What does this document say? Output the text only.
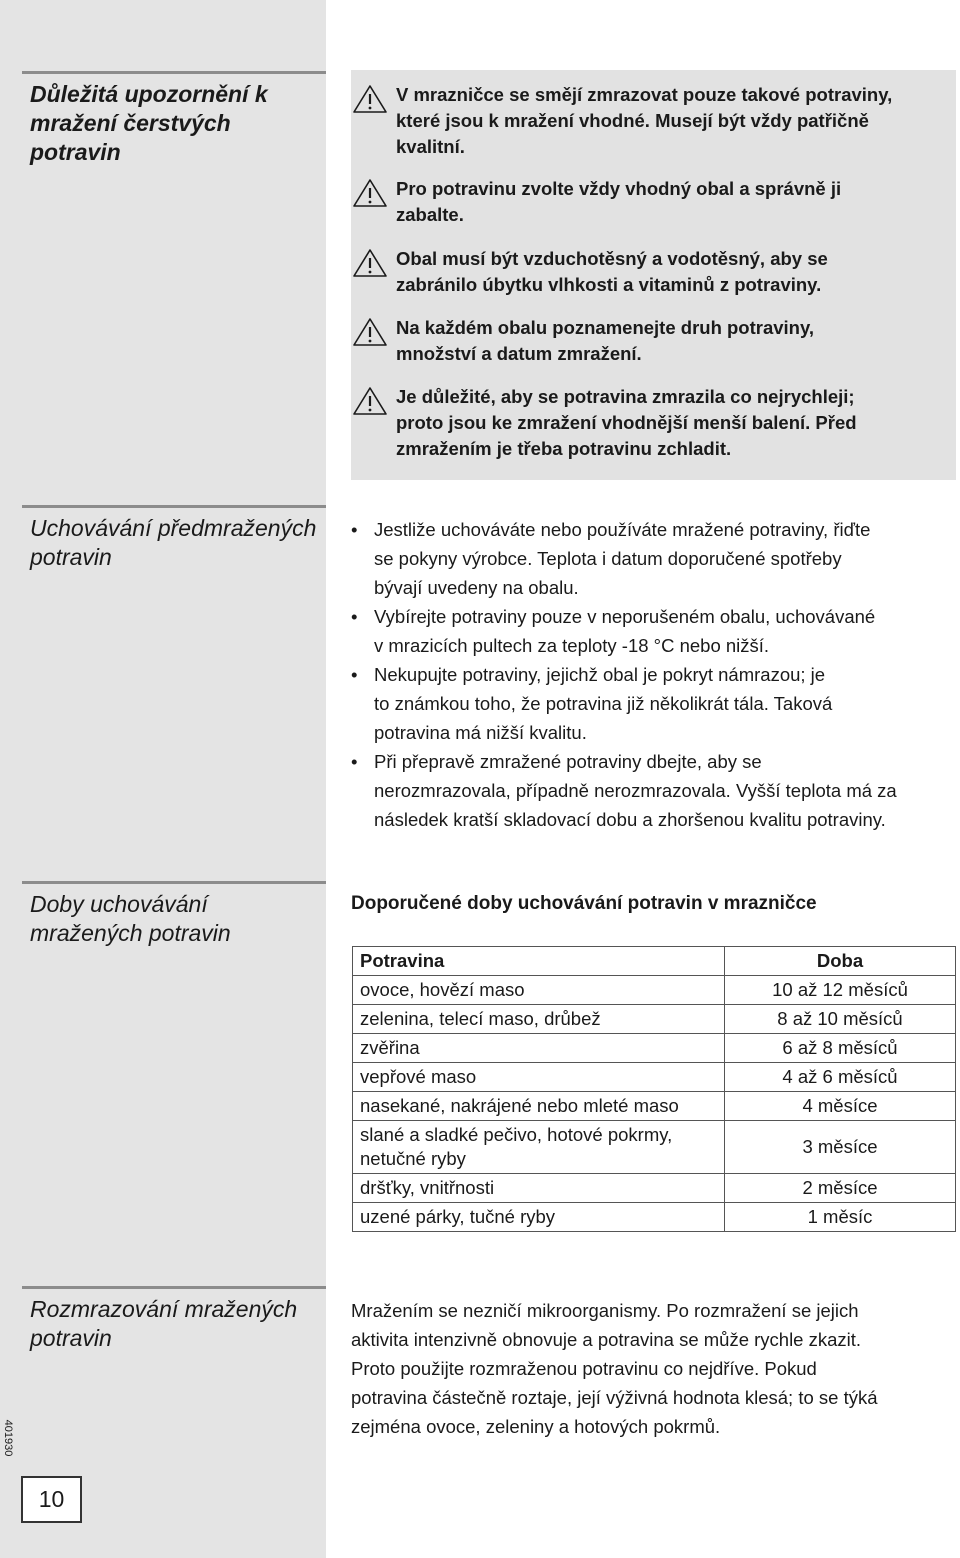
Důležitá upozornění k mražení čerstvých potravin
Uchovávání předmražených potravin
Doby uchovávání mražených potravin
Rozmrazování mražených potravin
V mrazničce se smějí zmrazovat pouze takové potraviny,
které jsou k mražení vhodné. Musejí být vždy patřičně
kvalitní.
Pro potravinu zvolte vždy vhodný obal a správně ji
zabalte.
Obal musí být vzduchotěsný a vodotěsný, aby se
zabránilo úbytku vlhkosti a vitaminů z potraviny.
Na každém obalu poznamenejte druh potraviny,
množství a datum zmražení.
Je důležité, aby se potravina zmrazila co nejrychleji;
proto jsou ke zmražení vhodnější menší balení. Před
zmražením je třeba potravinu zchladit.
• Jestliže uchováváte nebo používáte mražené potraviny, řiďte
se pokyny výrobce. Teplota i datum doporučené spotřeby
bývají uvedeny na obalu.
• Vybírejte potraviny pouze v neporušeném obalu, uchovávané
v mrazicích pultech za teploty -18 °C nebo nižší.
• Nekupujte potraviny, jejichž obal je pokryt námrazou; je
to známkou toho, že potravina již několikrát tála. Taková
potravina má nižší kvalitu.
• Při přepravě zmražené potraviny dbejte, aby se
nerozmrazovala, případně nerozmrazovala. Vyšší teplota má za
následek kratší skladovací dobu a zhoršenou kvalitu potraviny.
Doporučené doby uchovávání potravin v mrazničce
Potravina	Doba
ovoce, hovězí maso	10 až 12 měsíců
zelenina, telecí maso, drůbež	8 až 10 měsíců
zvěřina	6 až 8 měsíců
vepřové maso	4 až 6 měsíců
nasekané, nakrájené nebo mleté maso	4 měsíce

slané a sladké pečivo, hotové pokrmy,
netučné ryby	3 měsíce
dršťky, vnitřnosti	2 měsíce
uzené párky, tučné ryby	1 měsíc
Mražením se nezničí mikroorganismy. Po rozmražení se jejich
aktivita intenzivně obnovuje a potravina se může rychle zkazit.
Proto použijte rozmraženou potravinu co nejdříve. Pokud
potravina částečně roztaje, její výživná hodnota klesá; to se týká
zejména ovoce, zeleniny a hotových pokrmů.
401930
10
